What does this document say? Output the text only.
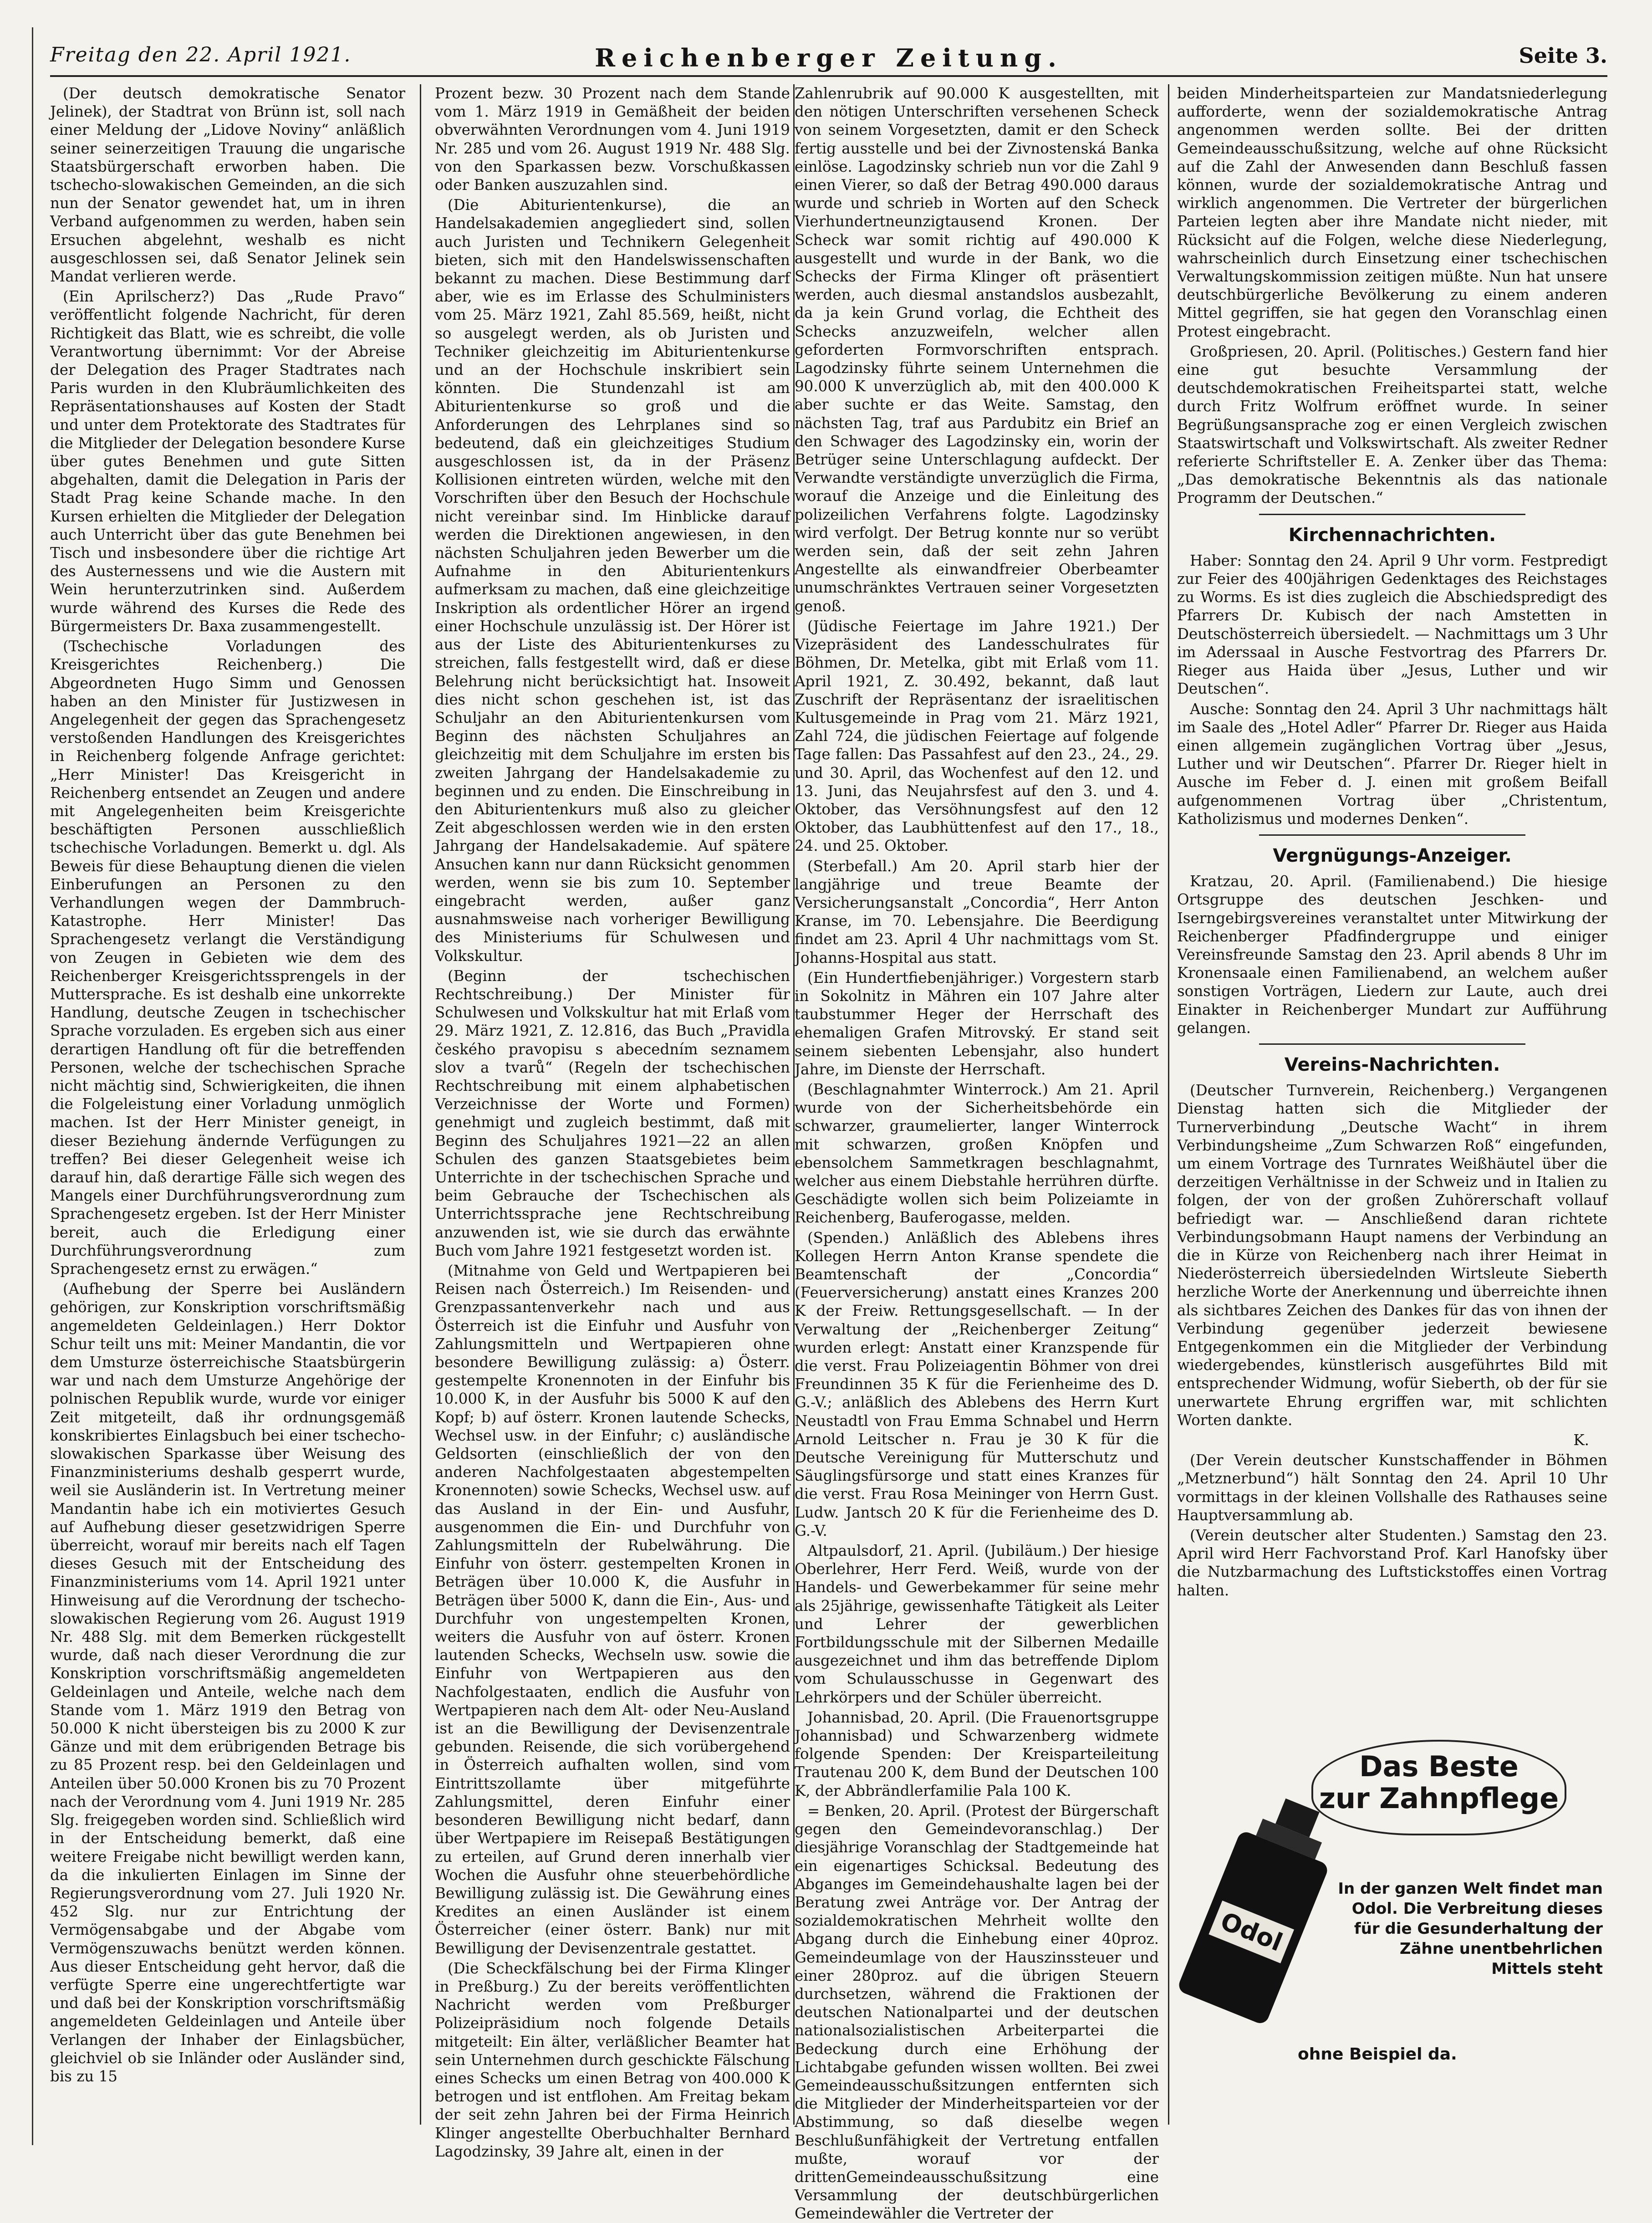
Freitag den 22. April 1921.	Reichenberger Zeitung.	Seite 3.

(Der deutsch demokratische Senator Jelinek), der Stadtrat von Brünn ist, soll nach einer Meldung der „Lidove Noviny“ anläßlich seiner seinerzeitigen Trauung die ungarische Staatsbürgerschaft erworben haben. Die tschecho-slowakischen Gemeinden, an die sich nun der Senator gewendet hat, um in ihren Verband aufgenommen zu werden, haben sein Ersuchen abgelehnt, weshalb es nicht ausgeschlossen sei, daß Senator Jelinek sein Mandat verlieren werde.

(Ein Aprilscherz?) Das „Rude Pravo“ veröffentlicht folgende Nachricht, für deren Richtigkeit das Blatt, wie es schreibt, die volle Verantwortung übernimmt: Vor der Abreise der Delegation des Prager Stadtrates nach Paris wurden in den Klubräumlichkeiten des Repräsentationshauses auf Kosten der Stadt und unter dem Protektorate des Stadtrates für die Mitglieder der Delegation besondere Kurse über gutes Benehmen und gute Sitten abgehalten, damit die Delegation in Paris der Stadt Prag keine Schande mache. In den Kursen erhielten die Mitglieder der Delegation auch Unterricht über das gute Benehmen bei Tisch und insbesondere über die richtige Art des Austernessens und wie die Austern mit Wein herunterzutrinken sind. Außerdem wurde während des Kurses die Rede des Bürgermeisters Dr. Baxa zusammengestellt.

(Tschechische Vorladungen des Kreisgerichtes Reichenberg.) Die Abgeordneten Hugo Simm und Genossen haben an den Minister für Justizwesen in Angelegenheit der gegen das Sprachengesetz verstoßenden Handlungen des Kreisgerichtes in Reichenberg folgende Anfrage gerichtet: „Herr Minister! Das Kreisgericht in Reichenberg entsendet an Zeugen und andere mit Angelegenheiten beim Kreisgerichte beschäftigten Personen ausschließlich tschechische Vorladungen. Bemerkt u. dgl. Als Beweis für diese Behauptung dienen die vielen Einberufungen an Personen zu den Verhandlungen wegen der Dammbruch-Katastrophe. Herr Minister! Das Sprachengesetz verlangt die Verständigung von Zeugen in Gebieten wie dem des Reichenberger Kreisgerichtssprengels in der Muttersprache. Es ist deshalb eine unkorrekte Handlung, deutsche Zeugen in tschechischer Sprache vorzuladen. Es ergeben sich aus einer derartigen Handlung oft für die betreffenden Personen, welche der tschechischen Sprache nicht mächtig sind, Schwierigkeiten, die ihnen die Folgeleistung einer Vorladung unmöglich machen. Ist der Herr Minister geneigt, in dieser Beziehung ändernde Verfügungen zu treffen? Bei dieser Gelegenheit weise ich darauf hin, daß derartige Fälle sich wegen des Mangels einer Durchführungsverordnung zum Sprachengesetz ergeben. Ist der Herr Minister bereit, auch die Erledigung einer Durchführungsverordnung zum Sprachengesetz ernst zu erwägen.“

(Aufhebung der Sperre bei Ausländern gehörigen, zur Konskription vorschriftsmäßig angemeldeten Geldeinlagen.) Herr Doktor Schur teilt uns mit: Meiner Mandantin, die vor dem Umsturze österreichische Staatsbürgerin war und nach dem Umsturze Angehörige der polnischen Republik wurde, wurde vor einiger Zeit mitgeteilt, daß ihr ordnungsgemäß konskribiertes Einlagsbuch bei einer tschecho-slowakischen Sparkasse über Weisung des Finanzministeriums deshalb gesperrt wurde, weil sie Ausländerin ist. In Vertretung meiner Mandantin habe ich ein motiviertes Gesuch auf Aufhebung dieser gesetzwidrigen Sperre überreicht, worauf mir bereits nach elf Tagen dieses Gesuch mit der Entscheidung des Finanzministeriums vom 14. April 1921 unter Hinweisung auf die Verordnung der tschecho-slowakischen Regierung vom 26. August 1919 Nr. 488 Slg. mit dem Bemerken rückgestellt wurde, daß nach dieser Verordnung die zur Konskription vorschriftsmäßig angemeldeten Geldeinlagen und Anteile, welche nach dem Stande vom 1. März 1919 den Betrag von 50.000 K nicht übersteigen bis zu 2000 K zur Gänze und mit dem erübrigenden Betrage bis zu 85 Prozent resp. bei den Geldeinlagen und Anteilen über 50.000 Kronen bis zu 70 Prozent nach der Verordnung vom 4. Juni 1919 Nr. 285 Slg. freigegeben worden sind. Schließlich wird in der Entscheidung bemerkt, daß eine weitere Freigabe nicht bewilligt werden kann, da die inkulierten Einlagen im Sinne der Regierungsverordnung vom 27. Juli 1920 Nr. 452 Slg. nur zur Entrichtung der Vermögensabgabe und der Abgabe vom Vermögenszuwachs benützt werden können. Aus dieser Entscheidung geht hervor, daß die verfügte Sperre eine ungerechtfertigte war und daß bei der Konskription vorschriftsmäßig angemeldeten Geldeinlagen und Anteile über Verlangen der Inhaber der Einlagsbücher, gleichviel ob sie Inländer oder Ausländer sind, bis zu 15

Prozent bezw. 30 Prozent nach dem Stande vom 1. März 1919 in Gemäßheit der beiden obverwähnten Verordnungen vom 4. Juni 1919 Nr. 285 und vom 26. August 1919 Nr. 488 Slg. von den Sparkassen bezw. Vorschußkassen oder Banken auszuzahlen sind.

(Die Abiturientenkurse), die an Handelsakademien angegliedert sind, sollen auch Juristen und Technikern Gelegenheit bieten, sich mit den Handelswissenschaften bekannt zu machen. Diese Bestimmung darf aber, wie es im Erlasse des Schulministers vom 25. März 1921, Zahl 85.569, heißt, nicht so ausgelegt werden, als ob Juristen und Techniker gleichzeitig im Abiturientenkurse und an der Hochschule inskribiert sein könnten. Die Stundenzahl ist am Abiturientenkurse so groß und die Anforderungen des Lehrplanes sind so bedeutend, daß ein gleichzeitiges Studium ausgeschlossen ist, da in der Präsenz Kollisionen eintreten würden, welche mit den Vorschriften über den Besuch der Hochschule nicht vereinbar sind. Im Hinblicke darauf werden die Direktionen angewiesen, in den nächsten Schuljahren jeden Bewerber um die Aufnahme in den Abiturientenkurs aufmerksam zu machen, daß eine gleichzeitige Inskription als ordentlicher Hörer an irgend einer Hochschule unzulässig ist. Der Hörer ist aus der Liste des Abiturientenkurses zu streichen, falls festgestellt wird, daß er diese Belehrung nicht berücksichtigt hat. Insoweit dies nicht schon geschehen ist, ist das Schuljahr an den Abiturientenkursen vom Beginn des nächsten Schuljahres an gleichzeitig mit dem Schuljahre im ersten bis zweiten Jahrgang der Handelsakademie zu beginnen und zu enden. Die Einschreibung in den Abiturientenkurs muß also zu gleicher Zeit abgeschlossen werden wie in den ersten Jahrgang der Handelsakademie. Auf spätere Ansuchen kann nur dann Rücksicht genommen werden, wenn sie bis zum 10. September eingebracht werden, außer ganz ausnahmsweise nach vorheriger Bewilligung des Ministeriums für Schulwesen und Volkskultur.

(Beginn der tschechischen Rechtschreibung.) Der Minister für Schulwesen und Volkskultur hat mit Erlaß vom 29. März 1921, Z. 12.816, das Buch „Pravidla českého pravopisu s abecedním seznamem slov a tvarů“ (Regeln der tschechischen Rechtschreibung mit einem alphabetischen Verzeichnisse der Worte und Formen) genehmigt und zugleich bestimmt, daß mit Beginn des Schuljahres 1921—22 an allen Schulen des ganzen Staatsgebietes beim Unterrichte in der tschechischen Sprache und beim Gebrauche der Tschechischen als Unterrichtssprache jene Rechtschreibung anzuwenden ist, wie sie durch das erwähnte Buch vom Jahre 1921 festgesetzt worden ist.

(Mitnahme von Geld und Wertpapieren bei Reisen nach Österreich.) Im Reisenden- und Grenzpassantenverkehr nach und aus Österreich ist die Einfuhr und Ausfuhr von Zahlungsmitteln und Wertpapieren ohne besondere Bewilligung zulässig: a) Österr. gestempelte Kronennoten in der Einfuhr bis 10.000 K, in der Ausfuhr bis 5000 K auf den Kopf; b) auf österr. Kronen lautende Schecks, Wechsel usw. in der Einfuhr; c) ausländische Geldsorten (einschließlich der von den anderen Nachfolgestaaten abgestempelten Kronennoten) sowie Schecks, Wechsel usw. auf das Ausland in der Ein- und Ausfuhr, ausgenommen die Ein- und Durchfuhr von Zahlungsmitteln der Rubelwährung. Die Einfuhr von österr. gestempelten Kronen in Beträgen über 10.000 K, die Ausfuhr in Beträgen über 5000 K, dann die Ein-, Aus- und Durchfuhr von ungestempelten Kronen, weiters die Ausfuhr von auf österr. Kronen lautenden Schecks, Wechseln usw. sowie die Einfuhr von Wertpapieren aus den Nachfolgestaaten, endlich die Ausfuhr von Wertpapieren nach dem Alt- oder Neu-Ausland ist an die Bewilligung der Devisenzentrale gebunden. Reisende, die sich vorübergehend in Österreich aufhalten wollen, sind vom Eintrittszollamte über mitgeführte Zahlungsmittel, deren Einfuhr einer besonderen Bewilligung nicht bedarf, dann über Wertpapiere im Reisepaß Bestätigungen zu erteilen, auf Grund deren innerhalb vier Wochen die Ausfuhr ohne steuerbehördliche Bewilligung zulässig ist. Die Gewährung eines Kredites an einen Ausländer ist einem Österreicher (einer österr. Bank) nur mit Bewilligung der Devisenzentrale gestattet.

(Die Scheckfälschung bei der Firma Klinger in Preßburg.) Zu der bereits veröffentlichten Nachricht werden vom Preßburger Polizeipräsidium noch folgende Details mitgeteilt: Ein älter, verläßlicher Beamter hat sein Unternehmen durch geschickte Fälschung eines Schecks um einen Betrag von 400.000 K betrogen und ist entflohen. Am Freitag bekam der seit zehn Jahren bei der Firma Heinrich Klinger angestellte Oberbuchhalter Bernhard Lagodzinsky, 39 Jahre alt, einen in der

Zahlenrubrik auf 90.000 K ausgestellten, mit den nötigen Unterschriften versehenen Scheck von seinem Vorgesetzten, damit er den Scheck fertig ausstelle und bei der Zivnostenská Banka einlöse. Lagodzinsky schrieb nun vor die Zahl 9 einen Vierer, so daß der Betrag 490.000 daraus wurde und schrieb in Worten auf den Scheck Vierhundertneunzigtausend Kronen. Der Scheck war somit richtig auf 490.000 K ausgestellt und wurde in der Bank, wo die Schecks der Firma Klinger oft präsentiert werden, auch diesmal anstandslos ausbezahlt, da ja kein Grund vorlag, die Echtheit des Schecks anzuzweifeln, welcher allen geforderten Formvorschriften entsprach. Lagodzinsky führte seinem Unternehmen die 90.000 K unverzüglich ab, mit den 400.000 K aber suchte er das Weite. Samstag, den nächsten Tag, traf aus Pardubitz ein Brief an den Schwager des Lagodzinsky ein, worin der Betrüger seine Unterschlagung aufdeckt. Der Verwandte verständigte unverzüglich die Firma, worauf die Anzeige und die Einleitung des polizeilichen Verfahrens folgte. Lagodzinsky wird verfolgt. Der Betrug konnte nur so verübt werden sein, daß der seit zehn Jahren Angestellte als einwandfreier Oberbeamter unumschränktes Vertrauen seiner Vorgesetzten genoß.

(Jüdische Feiertage im Jahre 1921.) Der Vizepräsident des Landesschulrates für Böhmen, Dr. Metelka, gibt mit Erlaß vom 11. April 1921, Z. 30.492, bekannt, daß laut Zuschrift der Repräsentanz der israelitischen Kultusgemeinde in Prag vom 21. März 1921, Zahl 724, die jüdischen Feiertage auf folgende Tage fallen: Das Passahfest auf den 23., 24., 29. und 30. April, das Wochenfest auf den 12. und 13. Juni, das Neujahrsfest auf den 3. und 4. Oktober, das Versöhnungsfest auf den 12 Oktober, das Laubhüttenfest auf den 17., 18., 24. und 25. Oktober.

(Sterbefall.) Am 20. April starb hier der langjährige und treue Beamte der Versicherungsanstalt „Concordia“, Herr Anton Kranse, im 70. Lebensjahre. Die Beerdigung findet am 23. April 4 Uhr nachmittags vom St. Johanns-Hospital aus statt.

(Ein Hundertfiebenjähriger.) Vorgestern starb in Sokolnitz in Mähren ein 107 Jahre alter taubstummer Heger der Herrschaft des ehemaligen Grafen Mitrovský. Er stand seit seinem siebenten Lebensjahr, also hundert Jahre, im Dienste der Herrschaft.

(Beschlagnahmter Winterrock.) Am 21. April wurde von der Sicherheitsbehörde ein schwarzer, graumelierter, langer Winterrock mit schwarzen, großen Knöpfen und ebensolchem Sammetkragen beschlagnahmt, welcher aus einem Diebstahle herrühren dürfte. Geschädigte wollen sich beim Polizeiamte in Reichenberg, Bauferogasse, melden.

(Spenden.) Anläßlich des Ablebens ihres Kollegen Herrn Anton Kranse spendete die Beamtenschaft der „Concordia“ (Feuerversicherung) anstatt eines Kranzes 200 K der Freiw. Rettungsgesellschaft. — In der Verwaltung der „Reichenberger Zeitung“ wurden erlegt: Anstatt einer Kranzspende für die verst. Frau Polizeiagentin Böhmer von drei Freundinnen 35 K für die Ferienheime des D. G.-V.; anläßlich des Ablebens des Herrn Kurt Neustadtl von Frau Emma Schnabel und Herrn Arnold Leitscher n. Frau je 30 K für die Deutsche Vereinigung für Mutterschutz und Säuglingsfürsorge und statt eines Kranzes für die verst. Frau Rosa Meininger von Herrn Gust. Ludw. Jantsch 20 K für die Ferienheime des D. G.-V.

Altpaulsdorf, 21. April. (Jubiläum.) Der hiesige Oberlehrer, Herr Ferd. Weiß, wurde von der Handels- und Gewerbekammer für seine mehr als 25jährige, gewissenhafte Tätigkeit als Leiter und Lehrer der gewerblichen Fortbildungsschule mit der Silbernen Medaille ausgezeichnet und ihm das betreffende Diplom vom Schulausschusse in Gegenwart des Lehrkörpers und der Schüler überreicht.

Johannisbad, 20. April. (Die Frauenortsgruppe Johannisbad) und Schwarzenberg widmete folgende Spenden: Der Kreisparteileitung Trautenau 200 K, dem Bund der Deutschen 100 K, der Abbrändlerfamilie Pala 100 K.

= Benken, 20. April. (Protest der Bürgerschaft gegen den Gemeindevoranschlag.) Der diesjährige Voranschlag der Stadtgemeinde hat ein eigenartiges Schicksal. Bedeutung des Abganges im Gemeindehaushalte lagen bei der Beratung zwei Anträge vor. Der Antrag der sozialdemokratischen Mehrheit wollte den Abgang durch die Einhebung einer 40proz. Gemeindeumlage von der Hauszinssteuer und einer 280proz. auf die übrigen Steuern durchsetzen, während die Fraktionen der deutschen Nationalpartei und der deutschen nationalsozialistischen Arbeiterpartei die Bedeckung durch eine Erhöhung der Lichtabgabe gefunden wissen wollten. Bei zwei Gemeindeausschußsitzungen entfernten sich die Mitglieder der Minderheitsparteien vor der Abstimmung, so daß dieselbe wegen Beschlußunfähigkeit der Vertretung entfallen mußte, worauf vor der drittenGemeindeausschußsitzung eine Versammlung der deutschbürgerlichen Gemeindewähler die Vertreter der

beiden Minderheitsparteien zur Mandatsniederlegung aufforderte, wenn der sozialdemokratische Antrag angenommen werden sollte. Bei der dritten Gemeindeausschußsitzung, welche auf ohne Rücksicht auf die Zahl der Anwesenden dann Beschluß fassen können, wurde der sozialdemokratische Antrag und wirklich angenommen. Die Vertreter der bürgerlichen Parteien legten aber ihre Mandate nicht nieder, mit Rücksicht auf die Folgen, welche diese Niederlegung, wahrscheinlich durch Einsetzung einer tschechischen Verwaltungskommission zeitigen müßte. Nun hat unsere deutschbürgerliche Bevölkerung zu einem anderen Mittel gegriffen, sie hat gegen den Voranschlag einen Protest eingebracht.

Großpriesen, 20. April. (Politisches.) Gestern fand hier eine gut besuchte Versammlung der deutschdemokratischen Freiheitspartei statt, welche durch Fritz Wolfrum eröffnet wurde. In seiner Begrüßungsansprache zog er einen Vergleich zwischen Staatswirtschaft und Volkswirtschaft. Als zweiter Redner referierte Schriftsteller E. A. Zenker über das Thema: „Das demokratische Bekenntnis als das nationale Programm der Deutschen.“

Kirchennachrichten.

Haber: Sonntag den 24. April 9 Uhr vorm. Festpredigt zur Feier des 400jährigen Gedenktages des Reichstages zu Worms. Es ist dies zugleich die Abschiedspredigt des Pfarrers Dr. Kubisch der nach Amstetten in Deutschösterreich übersiedelt. — Nachmittags um 3 Uhr im Aderssaal in Ausche Festvortrag des Pfarrers Dr. Rieger aus Haida über „Jesus, Luther und wir Deutschen“.

Ausche: Sonntag den 24. April 3 Uhr nachmittags hält im Saale des „Hotel Adler“ Pfarrer Dr. Rieger aus Haida einen allgemein zugänglichen Vortrag über „Jesus, Luther und wir Deutschen“. Pfarrer Dr. Rieger hielt in Ausche im Feber d. J. einen mit großem Beifall aufgenommenen Vortrag über „Christentum, Katholizismus und modernes Denken“.

Vergnügungs-Anzeiger.

Kratzau, 20. April. (Familienabend.) Die hiesige Ortsgruppe des deutschen Jeschken- und Iserngebirgsvereines veranstaltet unter Mitwirkung der Reichenberger Pfadfindergruppe und einiger Vereinsfreunde Samstag den 23. April abends 8 Uhr im Kronensaale einen Familienabend, an welchem außer sonstigen Vorträgen, Liedern zur Laute, auch drei Einakter in Reichenberger Mundart zur Aufführung gelangen.

Vereins-Nachrichten.

(Deutscher Turnverein, Reichenberg.) Vergangenen Dienstag hatten sich die Mitglieder der Turnerverbindung „Deutsche Wacht“ in ihrem Verbindungsheime „Zum Schwarzen Roß“ eingefunden, um einem Vortrage des Turnrates Weißhäutel über die derzeitigen Verhältnisse in der Schweiz und in Italien zu folgen, der von der großen Zuhörerschaft vollauf befriedigt war. — Anschließend daran richtete Verbindungsobmann Haupt namens der Verbindung an die in Kürze von Reichenberg nach ihrer Heimat in Niederösterreich übersiedelnden Wirtsleute Sieberth herzliche Worte der Anerkennung und überreichte ihnen als sichtbares Zeichen des Dankes für das von ihnen der Verbindung gegenüber jederzeit bewiesene Entgegenkommen ein die Mitglieder der Verbindung wiedergebendes, künstlerisch ausgeführtes Bild mit entsprechender Widmung, wofür Sieberth, ob der für sie unerwartete Ehrung ergriffen war, mit schlichten Worten dankte.

K.

(Der Verein deutscher Kunstschaffender in Böhmen „Metznerbund“) hält Sonntag den 24. April 10 Uhr vormittags in der kleinen Vollshalle des Rathauses seine Hauptversammlung ab.

(Verein deutscher alter Studenten.) Samstag den 23. April wird Herr Fachvorstand Prof. Karl Hanofsky über die Nutzbarmachung des Luftstickstoffes einen Vortrag halten.

Das Beste
zur Zahnpflege
Odol
In der ganzen Welt findet man Odol. Die Verbreitung dieses für die Gesunderhaltung der Zähne unentbehrlichen Mittels steht
ohne Beispiel da.
